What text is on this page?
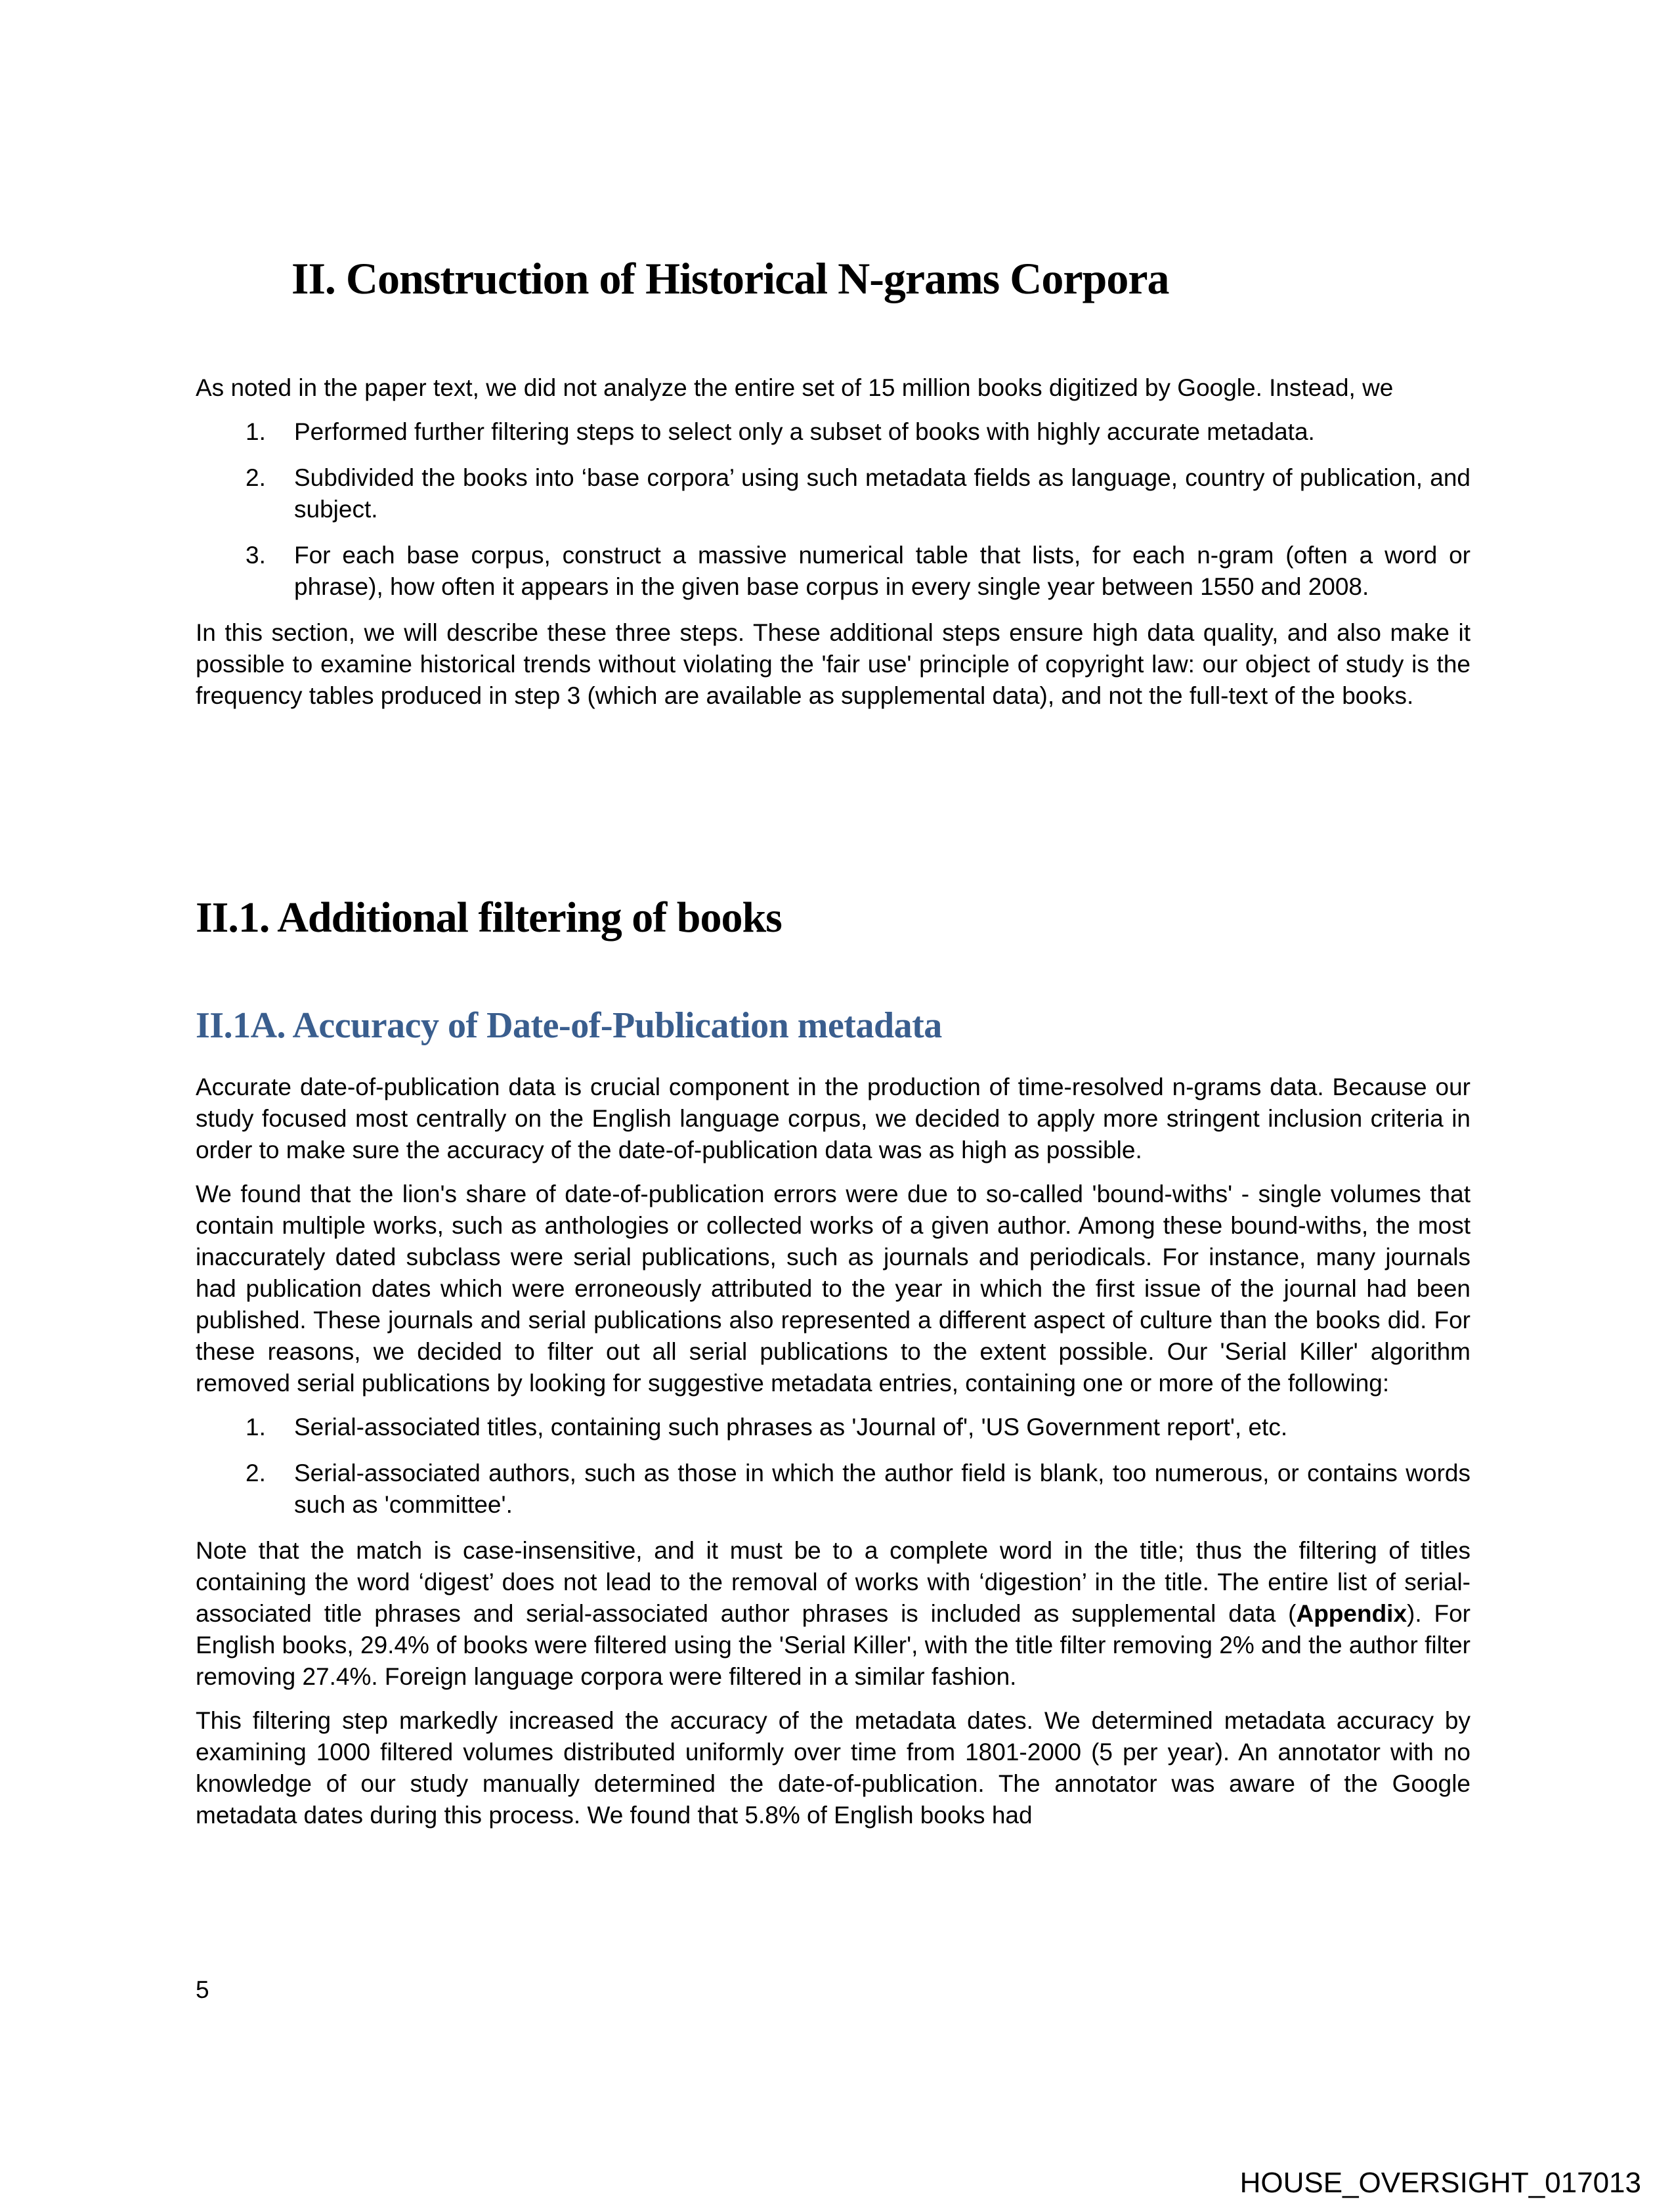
II. Construction of Historical N-grams Corpora

As noted in the paper text, we did not analyze the entire set of 15 million books digitized by Google. Instead, we

1. Performed further filtering steps to select only a subset of books with highly accurate metadata.
2. Subdivided the books into ‘base corpora’ using such metadata fields as language, country of publication, and subject.
3. For each base corpus, construct a massive numerical table that lists, for each n-gram (often a word or phrase), how often it appears in the given base corpus in every single year between 1550 and 2008.

In this section, we will describe these three steps. These additional steps ensure high data quality, and also make it possible to examine historical trends without violating the 'fair use' principle of copyright law: our object of study is the frequency tables produced in step 3 (which are available as supplemental data), and not the full-text of the books.

II.1. Additional filtering of books
II.1A. Accuracy of Date-of-Publication metadata

Accurate date-of-publication data is crucial component in the production of time-resolved n-grams data. Because our study focused most centrally on the English language corpus, we decided to apply more stringent inclusion criteria in order to make sure the accuracy of the date-of-publication data was as high as possible.

We found that the lion's share of date-of-publication errors were due to so-called 'bound-withs' - single volumes that contain multiple works, such as anthologies or collected works of a given author. Among these bound-withs, the most inaccurately dated subclass were serial publications, such as journals and periodicals. For instance, many journals had publication dates which were erroneously attributed to the year in which the first issue of the journal had been published. These journals and serial publications also represented a different aspect of culture than the books did. For these reasons, we decided to filter out all serial publications to the extent possible. Our 'Serial Killer' algorithm removed serial publications by looking for suggestive metadata entries, containing one or more of the following:

1. Serial-associated titles, containing such phrases as 'Journal of', 'US Government report', etc.
2. Serial-associated authors, such as those in which the author field is blank, too numerous, or contains words such as 'committee'.

Note that the match is case-insensitive, and it must be to a complete word in the title; thus the filtering of titles containing the word ‘digest’ does not lead to the removal of works with ‘digestion’ in the title. The entire list of serial-associated title phrases and serial-associated author phrases is included as supplemental data (Appendix). For English books, 29.4% of books were filtered using the 'Serial Killer', with the title filter removing 2% and the author filter removing 27.4%. Foreign language corpora were filtered in a similar fashion.

This filtering step markedly increased the accuracy of the metadata dates. We determined metadata accuracy by examining 1000 filtered volumes distributed uniformly over time from 1801-2000 (5 per year). An annotator with no knowledge of our study manually determined the date-of-publication. The annotator was aware of the Google metadata dates during this process. We found that 5.8% of English books had

5
HOUSE_OVERSIGHT_017013
